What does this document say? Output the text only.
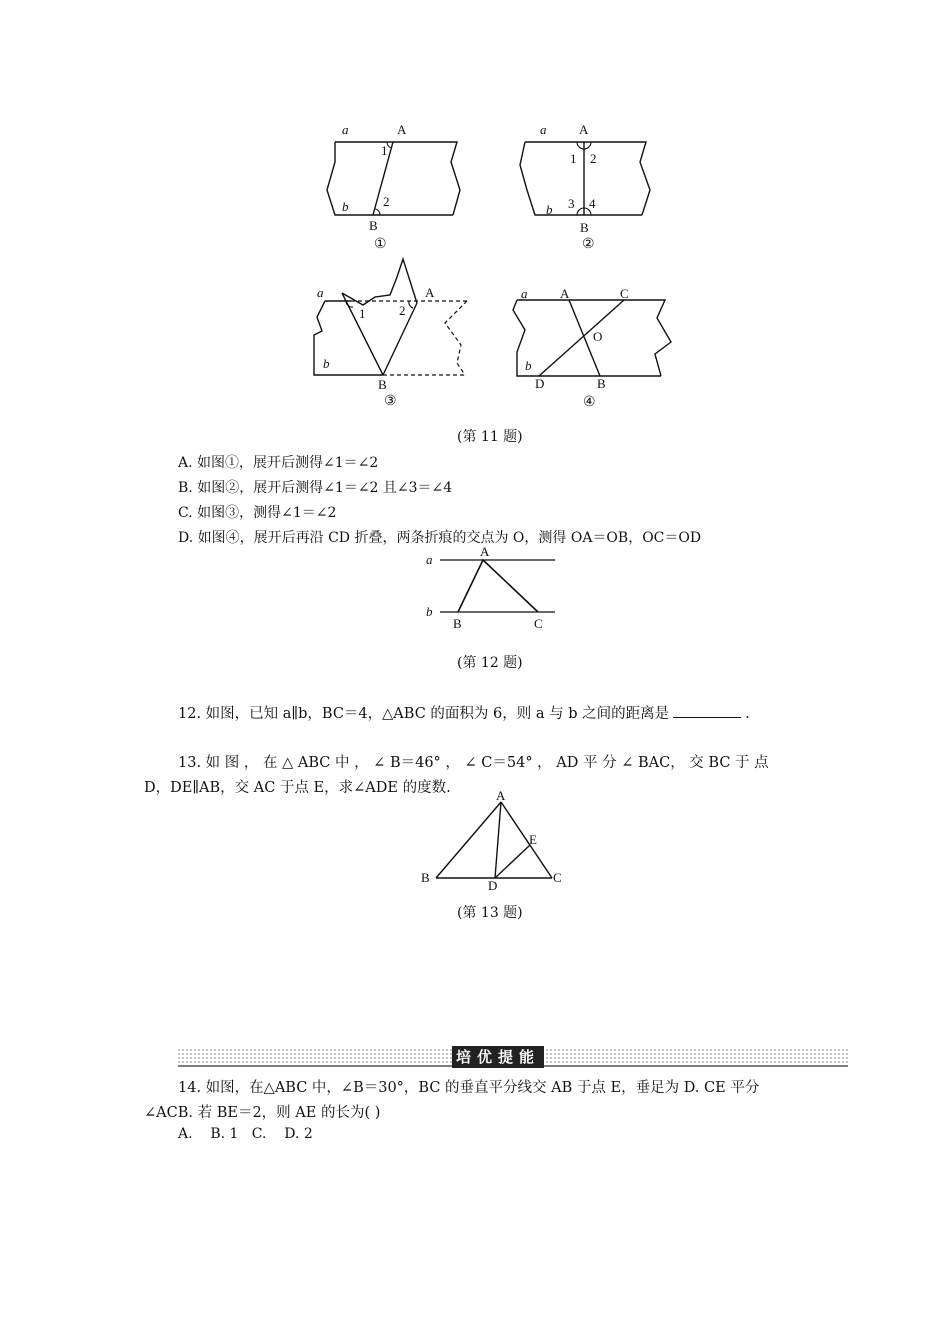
a	A
1
b	2
B
①
a	A
1 2
b 3 4
B
②
a	A
1	2
b
B
③
a	A	C
O
b
D	B
④
(第 11 题)
A. 如图①，展开后测得∠1＝∠2
B. 如图②，展开后测得∠1＝∠2 且∠3＝∠4
C. 如图③，测得∠1＝∠2
D. 如图④，展开后再沿 CD 折叠，两条折痕的交点为 O，测得 OA＝OB，OC＝OD
a
A
b
B	C
(第 12 题)
12. 如图，已知 a∥b，BC＝4，△ABC 的面积为 6，则 a 与 b 之间的距离是	.
13. 如 图 ， 在 △ ABC 中 ， ∠ B＝46° ， ∠ C＝54° ， AD 平 分 ∠ BAC， 交 BC 于 点
D，DE∥AB，交 AC 于点 E，求∠ADE 的度数.	A
E
B
D
C
(第 13 题)
培优提能
14. 如图，在△ABC 中，∠B＝30°，BC 的垂直平分线交 AB 于点 E，垂足为 D. CE 平分
∠ACB. 若 BE＝2，则 AE 的长为( )
A.    B. 1   C.    D. 2
